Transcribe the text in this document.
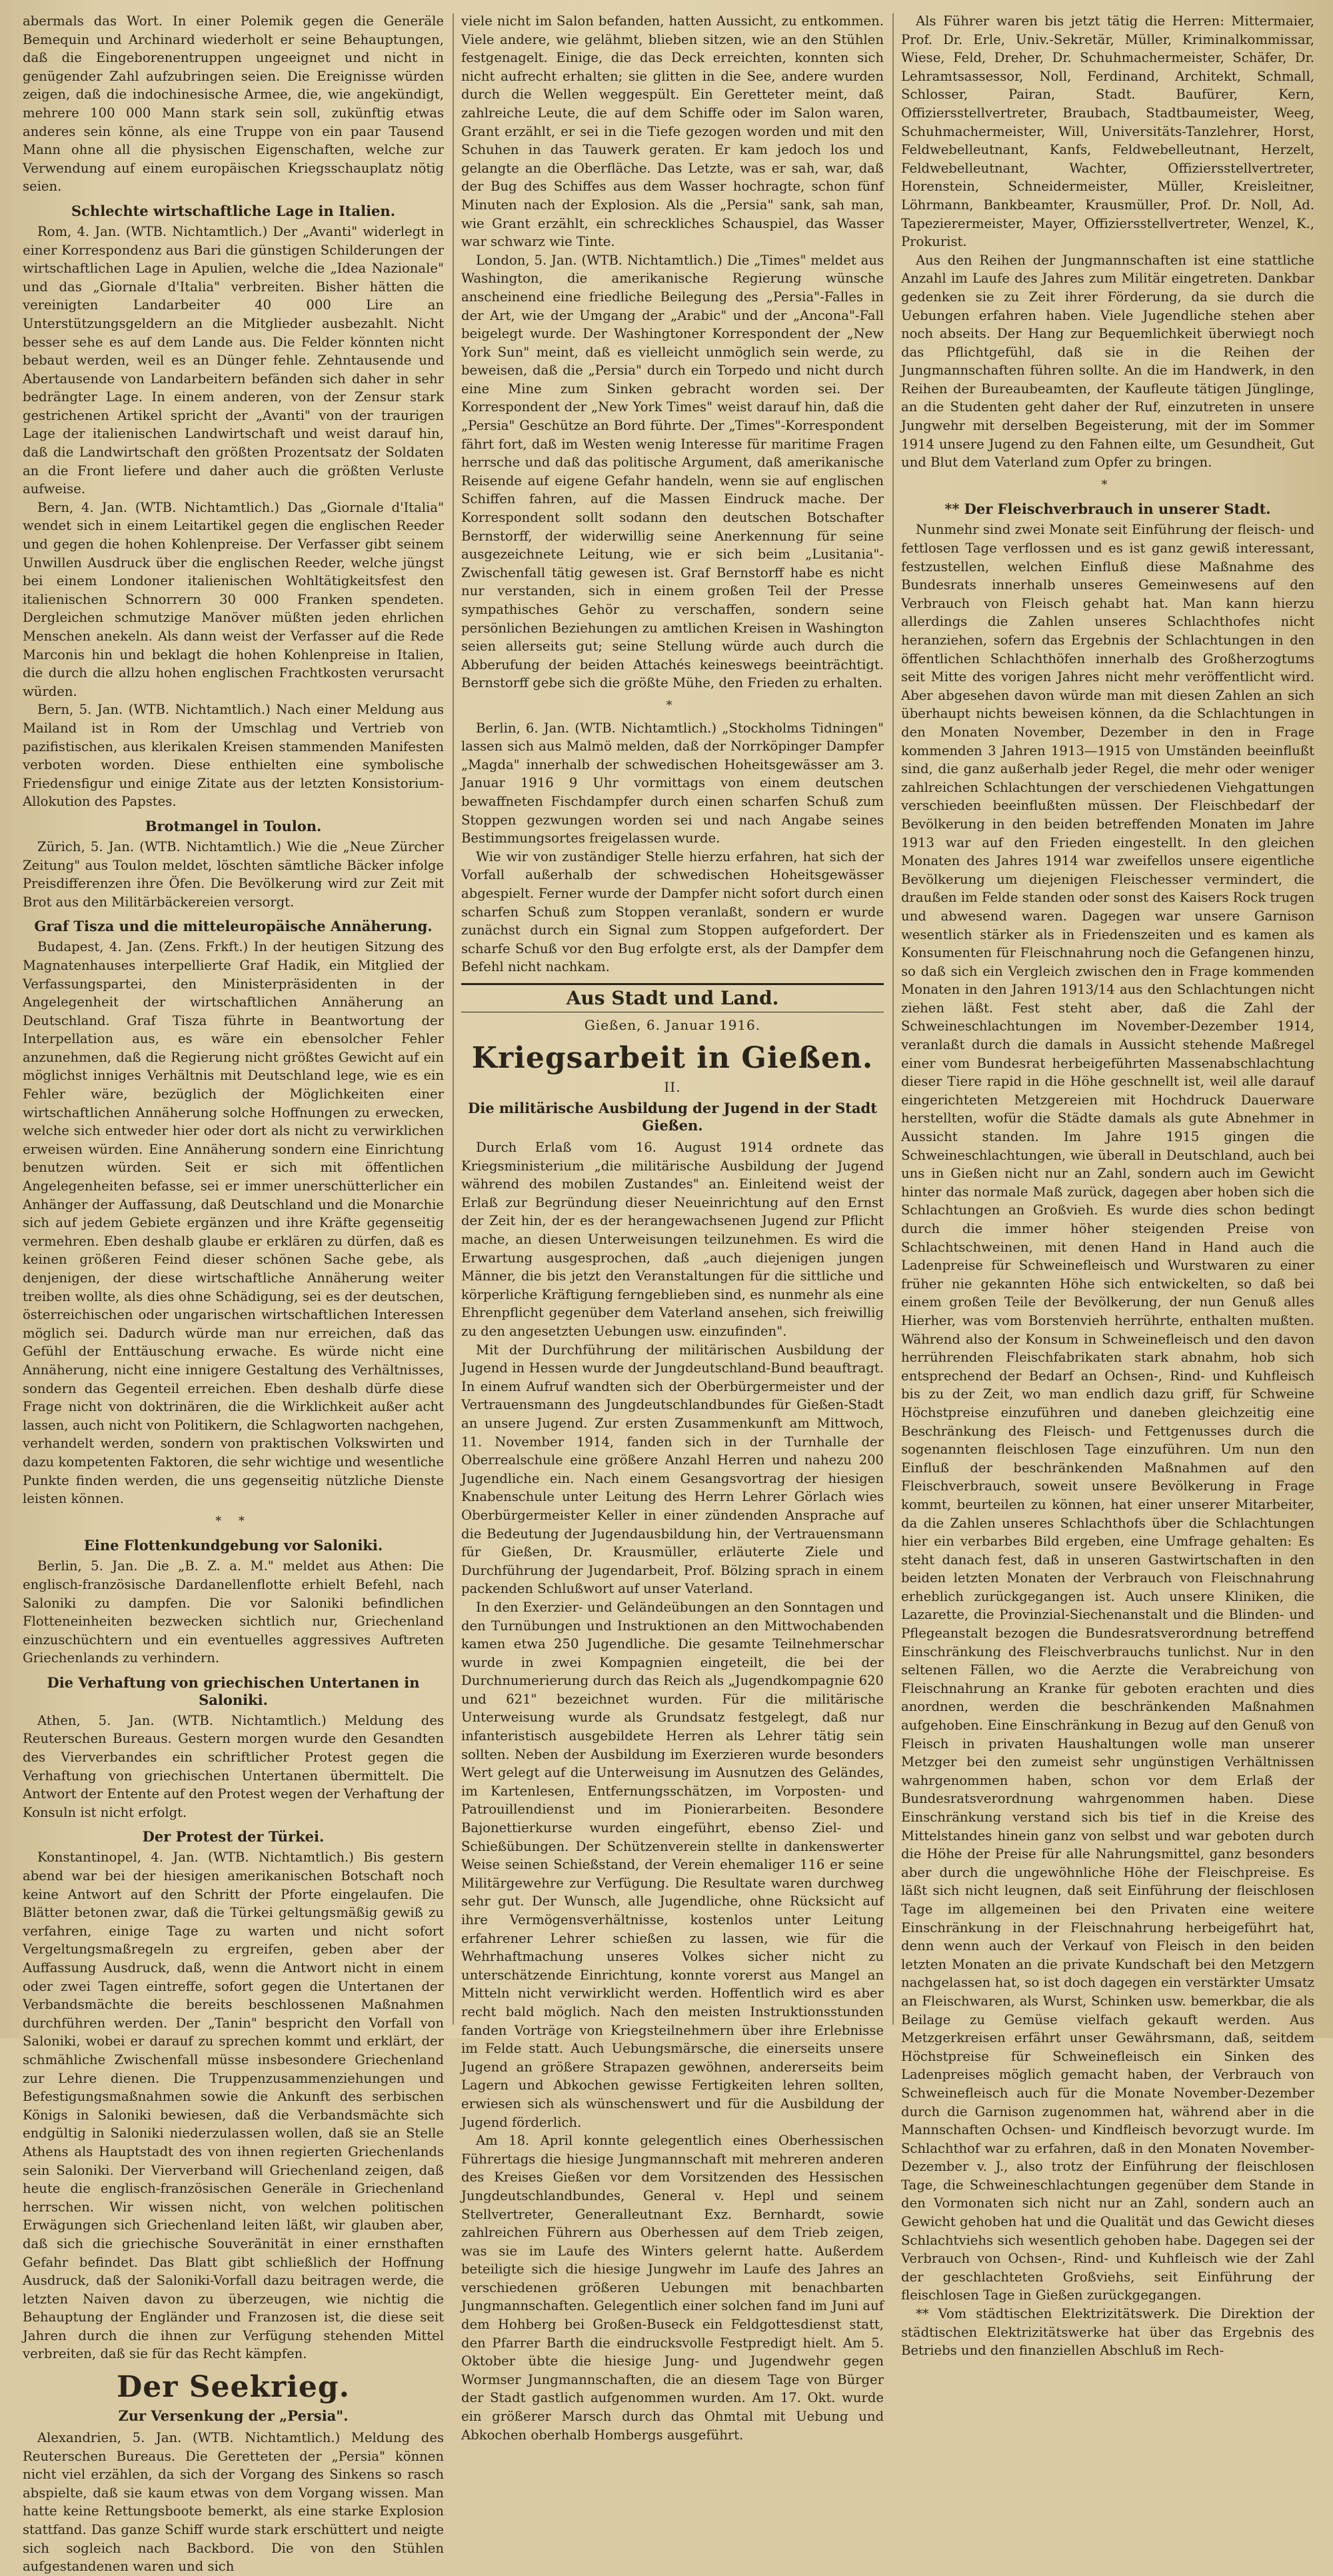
abermals das Wort. In einer Polemik gegen die Generäle Bemequin und Archinard wiederholt er seine Behauptungen, daß die Eingeborenentruppen ungeeignet und nicht in genügender Zahl aufzubringen seien. Die Ereignisse würden zeigen, daß die indochinesische Armee, die, wie angekündigt, mehrere 100 000 Mann stark sein soll, zukünftig etwas anderes sein könne, als eine Truppe von ein paar Tausend Mann ohne all die physischen Eigenschaften, welche zur Verwendung auf einem europäischen Kriegsschauplatz nötig seien.

Schlechte wirtschaftliche Lage in Italien.

Rom, 4. Jan. (WTB. Nichtamtlich.) Der „Avanti" widerlegt in einer Korrespondenz aus Bari die günstigen Schilderungen der wirtschaftlichen Lage in Apulien, welche die „Idea Nazionale" und das „Giornale d'Italia" verbreiten. Bisher hätten die vereinigten Landarbeiter 40 000 Lire an Unterstützungsgeldern an die Mitglieder ausbezahlt. Nicht besser sehe es auf dem Lande aus. Die Felder könnten nicht bebaut werden, weil es an Dünger fehle. Zehntausende und Abertausende von Landarbeitern befänden sich daher in sehr bedrängter Lage. In einem anderen, von der Zensur stark gestrichenen Artikel spricht der „Avanti" von der traurigen Lage der italienischen Landwirtschaft und weist darauf hin, daß die Landwirtschaft den größten Prozentsatz der Soldaten an die Front liefere und daher auch die größten Verluste aufweise.

Bern, 4. Jan. (WTB. Nichtamtlich.) Das „Giornale d'Italia" wendet sich in einem Leitartikel gegen die englischen Reeder und gegen die hohen Kohlenpreise. Der Verfasser gibt seinem Unwillen Ausdruck über die englischen Reeder, welche jüngst bei einem Londoner italienischen Wohltätigkeitsfest den italienischen Schnorrern 30 000 Franken spendeten. Dergleichen schmutzige Manöver müßten jeden ehrlichen Menschen anekeln. Als dann weist der Verfasser auf die Rede Marconis hin und beklagt die hohen Kohlenpreise in Italien, die durch die allzu hohen englischen Frachtkosten verursacht würden.

Bern, 5. Jan. (WTB. Nichtamtlich.) Nach einer Meldung aus Mailand ist in Rom der Umschlag und Vertrieb von pazifistischen, aus klerikalen Kreisen stammenden Manifesten verboten worden. Diese enthielten eine symbolische Friedensfigur und einige Zitate aus der letzten Konsistorium-Allokution des Papstes.

Brotmangel in Toulon.

Zürich, 5. Jan. (WTB. Nichtamtlich.) Wie die „Neue Zürcher Zeitung" aus Toulon meldet, löschten sämtliche Bäcker infolge Preisdifferenzen ihre Öfen. Die Bevölkerung wird zur Zeit mit Brot aus den Militärbäckereien versorgt.

Graf Tisza und die mitteleuropäische Annäherung.

Budapest, 4. Jan. (Zens. Frkft.) In der heutigen Sitzung des Magnatenhauses interpellierte Graf Hadik, ein Mitglied der Verfassungspartei, den Ministerpräsidenten in der Angelegenheit der wirtschaftlichen Annäherung an Deutschland. Graf Tisza führte in Beantwortung der Interpellation aus, es wäre ein ebensolcher Fehler anzunehmen, daß die Regierung nicht größtes Gewicht auf ein möglichst inniges Verhältnis mit Deutschland lege, wie es ein Fehler wäre, bezüglich der Möglichkeiten einer wirtschaftlichen Annäherung solche Hoffnungen zu erwecken, welche sich entweder hier oder dort als nicht zu verwirklichen erweisen würden. Eine Annäherung sondern eine Einrichtung benutzen würden. Seit er sich mit öffentlichen Angelegenheiten befasse, sei er immer unerschütterlicher ein Anhänger der Auffassung, daß Deutschland und die Monarchie sich auf jedem Gebiete ergänzen und ihre Kräfte gegenseitig vermehren. Eben deshalb glaube er erklären zu dürfen, daß es keinen größeren Feind dieser schönen Sache gebe, als denjenigen, der diese wirtschaftliche Annäherung weiter treiben wollte, als dies ohne Schädigung, sei es der deutschen, österreichischen oder ungarischen wirtschaftlichen Interessen möglich sei. Dadurch würde man nur erreichen, daß das Gefühl der Enttäuschung erwache. Es würde nicht eine Annäherung, nicht eine innigere Gestaltung des Verhältnisses, sondern das Gegenteil erreichen. Eben deshalb dürfe diese Frage nicht von doktrinären, die die Wirklichkeit außer acht lassen, auch nicht von Politikern, die Schlagworten nachgehen, verhandelt werden, sondern von praktischen Volkswirten und dazu kompetenten Faktoren, die sehr wichtige und wesentliche Punkte finden werden, die uns gegenseitig nützliche Dienste leisten können.

* *
Eine Flottenkundgebung vor Saloniki.

Berlin, 5. Jan. Die „B. Z. a. M." meldet aus Athen: Die englisch-französische Dardanellenflotte erhielt Befehl, nach Saloniki zu dampfen. Die vor Saloniki befindlichen Flotteneinheiten bezwecken sichtlich nur, Griechenland einzuschüchtern und ein eventuelles aggressives Auftreten Griechenlands zu verhindern.

Die Verhaftung von griechischen Untertanen in Saloniki.

Athen, 5. Jan. (WTB. Nichtamtlich.) Meldung des Reuterschen Bureaus. Gestern morgen wurde den Gesandten des Vierverbandes ein schriftlicher Protest gegen die Verhaftung von griechischen Untertanen übermittelt. Die Antwort der Entente auf den Protest wegen der Verhaftung der Konsuln ist nicht erfolgt.

Der Protest der Türkei.

Konstantinopel, 4. Jan. (WTB. Nichtamtlich.) Bis gestern abend war bei der hiesigen amerikanischen Botschaft noch keine Antwort auf den Schritt der Pforte eingelaufen. Die Blätter betonen zwar, daß die Türkei geltungsmäßig gewiß zu verfahren, einige Tage zu warten und nicht sofort Vergeltungsmaßregeln zu ergreifen, geben aber der Auffassung Ausdruck, daß, wenn die Antwort nicht in einem oder zwei Tagen eintreffe, sofort gegen die Untertanen der Verbandsmächte die bereits beschlossenen Maßnahmen durchführen werden. Der „Tanin" bespricht den Vorfall von Saloniki, wobei er darauf zu sprechen kommt und erklärt, der schmähliche Zwischenfall müsse insbesondere Griechenland zur Lehre dienen. Die Truppenzusammenziehungen und Befestigungsmaßnahmen sowie die Ankunft des serbischen Königs in Saloniki bewiesen, daß die Verbandsmächte sich endgültig in Saloniki niederzulassen wollen, daß sie an Stelle Athens als Hauptstadt des von ihnen regierten Griechenlands sein Saloniki. Der Vierverband will Griechenland zeigen, daß heute die englisch-französischen Generäle in Griechenland herrschen. Wir wissen nicht, von welchen politischen Erwägungen sich Griechenland leiten läßt, wir glauben aber, daß sich die griechische Souveränität in einer ernsthaften Gefahr befindet. Das Blatt gibt schließlich der Hoffnung Ausdruck, daß der Saloniki-Vorfall dazu beitragen werde, die letzten Naiven davon zu überzeugen, wie nichtig die Behauptung der Engländer und Franzosen ist, die diese seit Jahren durch die ihnen zur Verfügung stehenden Mittel verbreiten, daß sie für das Recht kämpfen.

Der Seekrieg.
Zur Versenkung der „Persia".

Alexandrien, 5. Jan. (WTB. Nichtamtlich.) Meldung des Reuterschen Bureaus. Die Geretteten der „Persia" können nicht viel erzählen, da sich der Vorgang des Sinkens so rasch abspielte, daß sie kaum etwas von dem Vorgang wissen. Man hatte keine Rettungsboote bemerkt, als eine starke Explosion stattfand. Das ganze Schiff wurde stark erschüttert und neigte sich sogleich nach Backbord. Die von den Stühlen aufgestandenen waren und sich

viele nicht im Salon befanden, hatten Aussicht, zu entkommen. Viele andere, wie gelähmt, blieben sitzen, wie an den Stühlen festgenagelt. Einige, die das Deck erreichten, konnten sich nicht aufrecht erhalten; sie glitten in die See, andere wurden durch die Wellen weggespült. Ein Geretteter meint, daß zahlreiche Leute, die auf dem Schiffe oder im Salon waren, Grant erzählt, er sei in die Tiefe gezogen worden und mit den Schuhen in das Tauwerk geraten. Er kam jedoch los und gelangte an die Oberfläche. Das Letzte, was er sah, war, daß der Bug des Schiffes aus dem Wasser hochragte, schon fünf Minuten nach der Explosion. Als die „Persia" sank, sah man, wie Grant erzählt, ein schreckliches Schauspiel, das Wasser war schwarz wie Tinte.

London, 5. Jan. (WTB. Nichtamtlich.) Die „Times" meldet aus Washington, die amerikanische Regierung wünsche anscheinend eine friedliche Beilegung des „Persia"-Falles in der Art, wie der Umgang der „Arabic" und der „Ancona"-Fall beigelegt wurde. Der Washingtoner Korrespondent der „New York Sun" meint, daß es vielleicht unmöglich sein werde, zu beweisen, daß die „Persia" durch ein Torpedo und nicht durch eine Mine zum Sinken gebracht worden sei. Der Korrespondent der „New York Times" weist darauf hin, daß die „Persia" Geschütze an Bord führte. Der „Times"-Korrespondent fährt fort, daß im Westen wenig Interesse für maritime Fragen herrsche und daß das politische Argument, daß amerikanische Reisende auf eigene Gefahr handeln, wenn sie auf englischen Schiffen fahren, auf die Massen Eindruck mache. Der Korrespondent sollt sodann den deutschen Botschafter Bernstorff, der widerwillig seine Anerkennung für seine ausgezeichnete Leitung, wie er sich beim „Lusitania"-Zwischenfall tätig gewesen ist. Graf Bernstorff habe es nicht nur verstanden, sich in einem großen Teil der Presse sympathisches Gehör zu verschaffen, sondern seine persönlichen Beziehungen zu amtlichen Kreisen in Washington seien allerseits gut; seine Stellung würde auch durch die Abberufung der beiden Attachés keineswegs beeinträchtigt. Bernstorff gebe sich die größte Mühe, den Frieden zu erhalten.

*

Berlin, 6. Jan. (WTB. Nichtamtlich.) „Stockholms Tidningen" lassen sich aus Malmö melden, daß der Norrköpinger Dampfer „Magda" innerhalb der schwedischen Hoheitsgewässer am 3. Januar 1916 9 Uhr vormittags von einem deutschen bewaffneten Fischdampfer durch einen scharfen Schuß zum Stoppen gezwungen worden sei und nach Angabe seines Bestimmungsortes freigelassen wurde.

Wie wir von zuständiger Stelle hierzu erfahren, hat sich der Vorfall außerhalb der schwedischen Hoheitsgewässer abgespielt. Ferner wurde der Dampfer nicht sofort durch einen scharfen Schuß zum Stoppen veranlaßt, sondern er wurde zunächst durch ein Signal zum Stoppen aufgefordert. Der scharfe Schuß vor den Bug erfolgte erst, als der Dampfer dem Befehl nicht nachkam.

Aus Stadt und Land.
Gießen, 6. Januar 1916.
Kriegsarbeit in Gießen.
II.
Die militärische Ausbildung der Jugend in der Stadt Gießen.

Durch Erlaß vom 16. August 1914 ordnete das Kriegsministerium „die militärische Ausbildung der Jugend während des mobilen Zustandes" an. Einleitend weist der Erlaß zur Begründung dieser Neueinrichtung auf den Ernst der Zeit hin, der es der herangewachsenen Jugend zur Pflicht mache, an diesen Unterweisungen teilzunehmen. Es wird die Erwartung ausgesprochen, daß „auch diejenigen jungen Männer, die bis jetzt den Veranstaltungen für die sittliche und körperliche Kräftigung ferngeblieben sind, es nunmehr als eine Ehrenpflicht gegenüber dem Vaterland ansehen, sich freiwillig zu den angesetzten Uebungen usw. einzufinden".

Mit der Durchführung der militärischen Ausbildung der Jugend in Hessen wurde der Jungdeutschland-Bund beauftragt. In einem Aufruf wandten sich der Oberbürgermeister und der Vertrauensmann des Jungdeutschlandbundes für Gießen-Stadt an unsere Jugend. Zur ersten Zusammenkunft am Mittwoch, 11. November 1914, fanden sich in der Turnhalle der Oberrealschule eine größere Anzahl Herren und nahezu 200 Jugendliche ein. Nach einem Gesangsvortrag der hiesigen Knabenschule unter Leitung des Herrn Lehrer Görlach wies Oberbürgermeister Keller in einer zündenden Ansprache auf die Bedeutung der Jugendausbildung hin, der Vertrauensmann für Gießen, Dr. Krausmüller, erläuterte Ziele und Durchführung der Jugendarbeit, Prof. Bölzing sprach in einem packenden Schlußwort auf unser Vaterland.

In den Exerzier- und Geländeübungen an den Sonntagen und den Turnübungen und Instruktionen an den Mittwochabenden kamen etwa 250 Jugendliche. Die gesamte Teilnehmerschar wurde in zwei Kompagnien eingeteilt, die bei der Durchnumerierung durch das Reich als „Jugendkompagnie 620 und 621" bezeichnet wurden. Für die militärische Unterweisung wurde als Grundsatz festgelegt, daß nur infanteristisch ausgebildete Herren als Lehrer tätig sein sollten. Neben der Ausbildung im Exerzieren wurde besonders Wert gelegt auf die Unterweisung im Ausnutzen des Geländes, im Kartenlesen, Entfernungsschätzen, im Vorposten- und Patrouillendienst und im Pionierarbeiten. Besondere Bajonettierkurse wurden eingeführt, ebenso Ziel- und Schießübungen. Der Schützenverein stellte in dankenswerter Weise seinen Schießstand, der Verein ehemaliger 116 er seine Militärgewehre zur Verfügung. Die Resultate waren durchweg sehr gut. Der Wunsch, alle Jugendliche, ohne Rücksicht auf ihre Vermögensverhältnisse, kostenlos unter Leitung erfahrener Lehrer schießen zu lassen, wie für die Wehrhaftmachung unseres Volkes sicher nicht zu unterschätzende Einrichtung, konnte vorerst aus Mangel an Mitteln nicht verwirklicht werden. Hoffentlich wird es aber recht bald möglich. Nach den meisten Instruktionsstunden fanden Vorträge von Kriegsteilnehmern über ihre Erlebnisse im Felde statt. Auch Uebungsmärsche, die einerseits unsere Jugend an größere Strapazen gewöhnen, andererseits beim Lagern und Abkochen gewisse Fertigkeiten lehren sollten, erwiesen sich als wünschenswert und für die Ausbildung der Jugend förderlich.

Am 18. April konnte gelegentlich eines Oberhessischen Führertags die hiesige Jungmannschaft mit mehreren anderen des Kreises Gießen vor dem Vorsitzenden des Hessischen Jungdeutschlandbundes, General v. Hepl und seinem Stellvertreter, Generalleutnant Exz. Bernhardt, sowie zahlreichen Führern aus Oberhessen auf dem Trieb zeigen, was sie im Laufe des Winters gelernt hatte. Außerdem beteiligte sich die hiesige Jungwehr im Laufe des Jahres an verschiedenen größeren Uebungen mit benachbarten Jungmannschaften. Gelegentlich einer solchen fand im Juni auf dem Hohberg bei Großen-Buseck ein Feldgottesdienst statt, den Pfarrer Barth die eindrucksvolle Festpredigt hielt. Am 5. Oktober übte die hiesige Jung- und Jugendwehr gegen Wormser Jungmannschaften, die an diesem Tage von Bürger der Stadt gastlich aufgenommen wurden. Am 17. Okt. wurde ein größerer Marsch durch das Ohmtal mit Uebung und Abkochen oberhalb Hombergs ausgeführt.

Als Führer waren bis jetzt tätig die Herren: Mittermaier, Prof. Dr. Erle, Univ.-Sekretär, Müller, Kriminalkommissar, Wiese, Feld, Dreher, Dr. Schuhmachermeister, Schäfer, Dr. Lehramtsassessor, Noll, Ferdinand, Architekt, Schmall, Schlosser, Pairan, Stadt. Baufürer, Kern, Offiziersstellvertreter, Braubach, Stadtbaumeister, Weeg, Schuhmachermeister, Will, Universitäts-Tanzlehrer, Horst, Feldwebelleutnant, Kanfs, Feldwebelleutnant, Herzelt, Feldwebelleutnant, Wachter, Offiziersstellvertreter, Horenstein, Schneidermeister, Müller, Kreisleitner, Löhrmann, Bankbeamter, Krausmüller, Prof. Dr. Noll, Ad. Tapezierermeister, Mayer, Offiziersstellvertreter, Wenzel, K., Prokurist.

Aus den Reihen der Jungmannschaften ist eine stattliche Anzahl im Laufe des Jahres zum Militär eingetreten. Dankbar gedenken sie zu Zeit ihrer Förderung, da sie durch die Uebungen erfahren haben. Viele Jugendliche stehen aber noch abseits. Der Hang zur Bequemlichkeit überwiegt noch das Pflichtgefühl, daß sie in die Reihen der Jungmannschaften führen sollte. An die im Handwerk, in den Reihen der Bureaubeamten, der Kaufleute tätigen Jünglinge, an die Studenten geht daher der Ruf, einzutreten in unsere Jungwehr mit derselben Begeisterung, mit der im Sommer 1914 unsere Jugend zu den Fahnen eilte, um Gesundheit, Gut und Blut dem Vaterland zum Opfer zu bringen.

*
** Der Fleischverbrauch in unserer Stadt.

Nunmehr sind zwei Monate seit Einführung der fleisch- und fettlosen Tage verflossen und es ist ganz gewiß interessant, festzustellen, welchen Einfluß diese Maßnahme des Bundesrats innerhalb unseres Gemeinwesens auf den Verbrauch von Fleisch gehabt hat. Man kann hierzu allerdings die Zahlen unseres Schlachthofes nicht heranziehen, sofern das Ergebnis der Schlachtungen in den öffentlichen Schlachthöfen innerhalb des Großherzogtums seit Mitte des vorigen Jahres nicht mehr veröffentlicht wird. Aber abgesehen davon würde man mit diesen Zahlen an sich überhaupt nichts beweisen können, da die Schlachtungen in den Monaten November, Dezember in den in Frage kommenden 3 Jahren 1913—1915 von Umständen beeinflußt sind, die ganz außerhalb jeder Regel, die mehr oder weniger zahlreichen Schlachtungen der verschiedenen Viehgattungen verschieden beeinflußten müssen. Der Fleischbedarf der Bevölkerung in den beiden betreffenden Monaten im Jahre 1913 war auf den Frieden eingestellt. In den gleichen Monaten des Jahres 1914 war zweifellos unsere eigentliche Bevölkerung um diejenigen Fleischesser vermindert, die draußen im Felde standen oder sonst des Kaisers Rock trugen und abwesend waren. Dagegen war unsere Garnison wesentlich stärker als in Friedenszeiten und es kamen als Konsumenten für Fleischnahrung noch die Gefangenen hinzu, so daß sich ein Vergleich zwischen den in Frage kommenden Monaten in den Jahren 1913/14 aus den Schlachtungen nicht ziehen läßt. Fest steht aber, daß die Zahl der Schweineschlachtungen im November-Dezember 1914, veranlaßt durch die damals in Aussicht stehende Maßregel einer vom Bundesrat herbeigeführten Massenabschlachtung dieser Tiere rapid in die Höhe geschnellt ist, weil alle darauf eingerichteten Metzgereien mit Hochdruck Dauerware herstellten, wofür die Städte damals als gute Abnehmer in Aussicht standen. Im Jahre 1915 gingen die Schweineschlachtungen, wie überall in Deutschland, auch bei uns in Gießen nicht nur an Zahl, sondern auch im Gewicht hinter das normale Maß zurück, dagegen aber hoben sich die Schlachtungen an Großvieh. Es wurde dies schon bedingt durch die immer höher steigenden Preise von Schlachtschweinen, mit denen Hand in Hand auch die Ladenpreise für Schweinefleisch und Wurstwaren zu einer früher nie gekannten Höhe sich entwickelten, so daß bei einem großen Teile der Bevölkerung, der nun Genuß alles Hierher, was vom Borstenvieh herrührte, enthalten mußten. Während also der Konsum in Schweinefleisch und den davon herrührenden Fleischfabrikaten stark abnahm, hob sich entsprechend der Bedarf an Ochsen-, Rind- und Kuhfleisch bis zu der Zeit, wo man endlich dazu griff, für Schweine Höchstpreise einzuführen und daneben gleichzeitig eine Beschränkung des Fleisch- und Fettgenusses durch die sogenannten fleischlosen Tage einzuführen. Um nun den Einfluß der beschränkenden Maßnahmen auf den Fleischverbrauch, soweit unsere Bevölkerung in Frage kommt, beurteilen zu können, hat einer unserer Mitarbeiter, da die Zahlen unseres Schlachthofs über die Schlachtungen hier ein verbarbes Bild ergeben, eine Umfrage gehalten: Es steht danach fest, daß in unseren Gastwirtschaften in den beiden letzten Monaten der Verbrauch von Fleischnahrung erheblich zurückgegangen ist. Auch unsere Kliniken, die Lazarette, die Provinzial-Siechenanstalt und die Blinden- und Pflegeanstalt bezogen die Bundesratsverordnung betreffend Einschränkung des Fleischverbrauchs tunlichst. Nur in den seltenen Fällen, wo die Aerzte die Verabreichung von Fleischnahrung an Kranke für geboten erachten und dies anordnen, werden die beschränkenden Maßnahmen aufgehoben. Eine Einschränkung in Bezug auf den Genuß von Fleisch in privaten Haushaltungen wolle man unserer Metzger bei den zumeist sehr ungünstigen Verhältnissen wahrgenommen haben, schon vor dem Erlaß der Bundesratsverordnung wahrgenommen haben. Diese Einschränkung verstand sich bis tief in die Kreise des Mittelstandes hinein ganz von selbst und war geboten durch die Höhe der Preise für alle Nahrungsmittel, ganz besonders aber durch die ungewöhnliche Höhe der Fleischpreise. Es läßt sich nicht leugnen, daß seit Einführung der fleischlosen Tage im allgemeinen bei den Privaten eine weitere Einschränkung in der Fleischnahrung herbeigeführt hat, denn wenn auch der Verkauf von Fleisch in den beiden letzten Monaten an die private Kundschaft bei den Metzgern nachgelassen hat, so ist doch dagegen ein verstärkter Umsatz an Fleischwaren, als Wurst, Schinken usw. bemerkbar, die als Beilage zu Gemüse vielfach gekauft werden. Aus Metzgerkreisen erfährt unser Gewährsmann, daß, seitdem Höchstpreise für Schweinefleisch ein Sinken des Ladenpreises möglich gemacht haben, der Verbrauch von Schweinefleisch auch für die Monate November-Dezember durch die Garnison zugenommen hat, während aber in die Mannschaften Ochsen- und Kindfleisch bevorzugt wurde. Im Schlachthof war zu erfahren, daß in den Monaten November-Dezember v. J., also trotz der Einführung der fleischlosen Tage, die Schweineschlachtungen gegenüber dem Stande in den Vormonaten sich nicht nur an Zahl, sondern auch an Gewicht gehoben hat und die Qualität und das Gewicht dieses Schlachtviehs sich wesentlich gehoben habe. Dagegen sei der Verbrauch von Ochsen-, Rind- und Kuhfleisch wie der Zahl der geschlachteten Großviehs, seit Einführung der fleischlosen Tage in Gießen zurückgegangen.

** Vom städtischen Elektrizitätswerk. Die Direktion der städtischen Elektrizitätswerke hat über das Ergebnis des Betriebs und den finanziellen Abschluß im Rech-
